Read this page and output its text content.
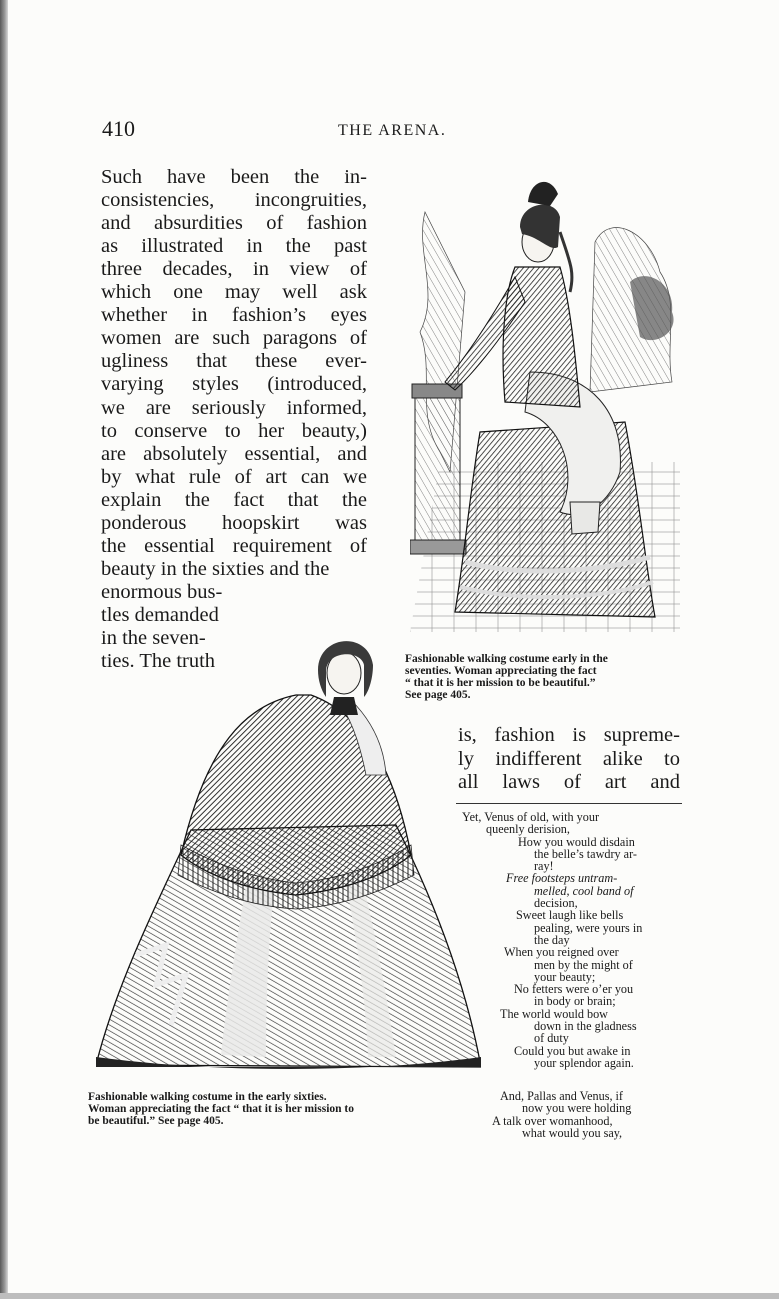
410	THE ARENA.
Such have been the in-
consistencies, incongruities,
and absurdities of fashion
as illustrated in the past
three decades, in view of
which one may well ask
whether in fashion’s eyes
women are such paragons of
ugliness that these ever-
varying styles (introduced,
we are seriously informed,
to conserve to her beauty,)
are absolutely essential, and
by what rule of art can we
explain the fact that the
ponderous hoopskirt was
the essential requirement of
beauty in the sixties and the
enormous bus-
tles demanded
in the seven-
ties. The truth	Fashionable walking costume early in the
seventies. Woman appreciating the fact
“ that it is her mission to be beautiful.”
See page 405.
is, fashion is supreme-
ly indifferent alike to
all laws of art and
Yet, Venus of old, with your
queenly derision,
How you would disdain
the belle’s tawdry ar-
ray!
Free footsteps untram-
melled, cool band of
decision,
Sweet laugh like bells
pealing, were yours in
the day
When you reigned over
men by the might of
your beauty;
No fetters were o’er you
in body or brain;
The world would bow
down in the gladness
of duty
Could you but awake in
your splendor again.
And, Pallas and Venus, if
now you were holding
A talk over womanhood,
what would you say,
Fashionable walking costume in the early sixties.
Woman appreciating the fact “ that it is her mission to
be beautiful.” See page 405.
